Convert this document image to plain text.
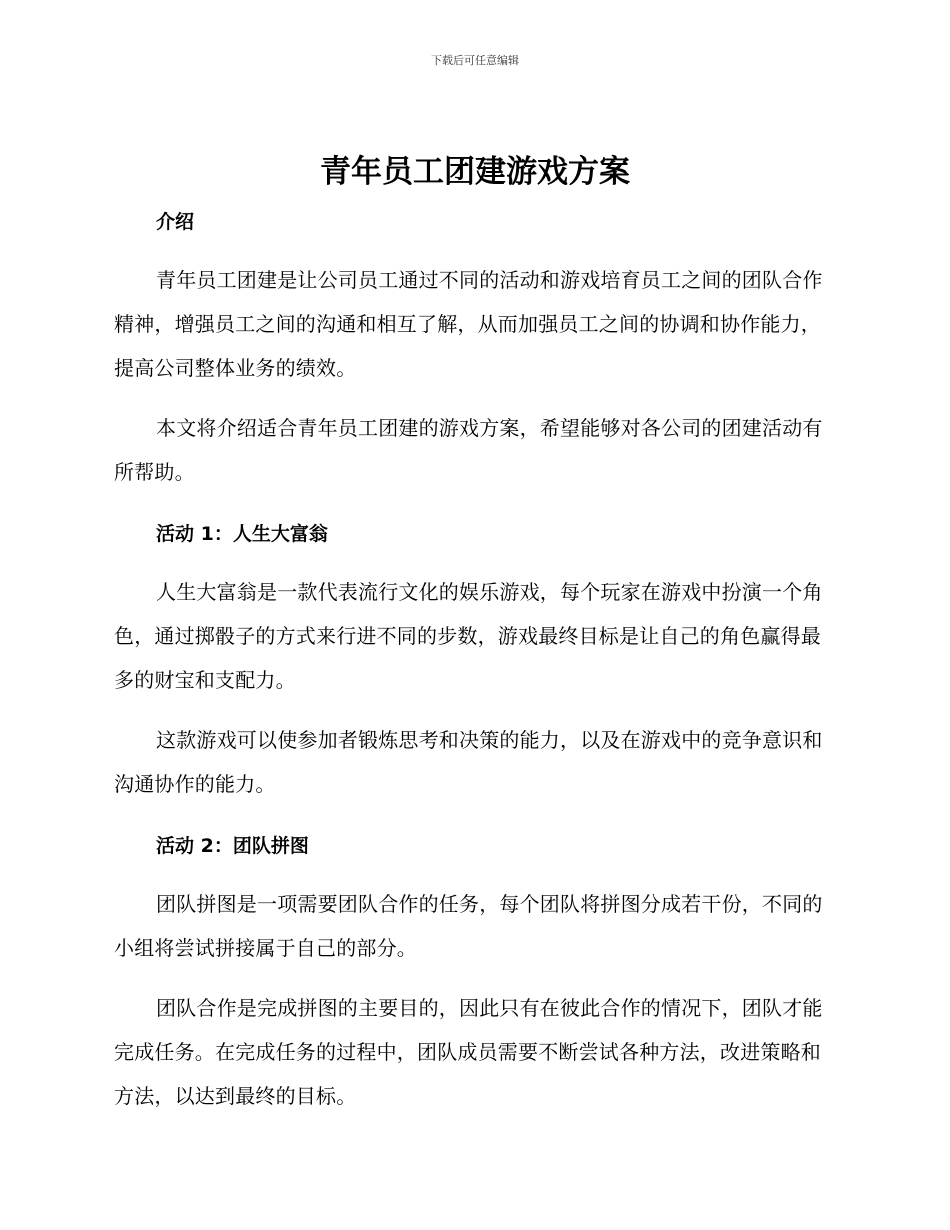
下载后可任意编辑
青年员工团建游戏方案
介绍

青年员工团建是让公司员工通过不同的活动和游戏培育员工之间的团队合作精神，增强员工之间的沟通和相互了解，从而加强员工之间的协调和协作能力，提高公司整体业务的绩效。

本文将介绍适合青年员工团建的游戏方案，希望能够对各公司的团建活动有所帮助。

活动 1：人生大富翁

人生大富翁是一款代表流行文化的娱乐游戏，每个玩家在游戏中扮演一个角色，通过掷骰子的方式来行进不同的步数，游戏最终目标是让自己的角色赢得最多的财宝和支配力。

这款游戏可以使参加者锻炼思考和决策的能力，以及在游戏中的竞争意识和沟通协作的能力。

活动 2：团队拼图

团队拼图是一项需要团队合作的任务，每个团队将拼图分成若干份，不同的小组将尝试拼接属于自己的部分。

团队合作是完成拼图的主要目的，因此只有在彼此合作的情况下，团队才能完成任务。在完成任务的过程中，团队成员需要不断尝试各种方法，改进策略和方法，以达到最终的目标。
